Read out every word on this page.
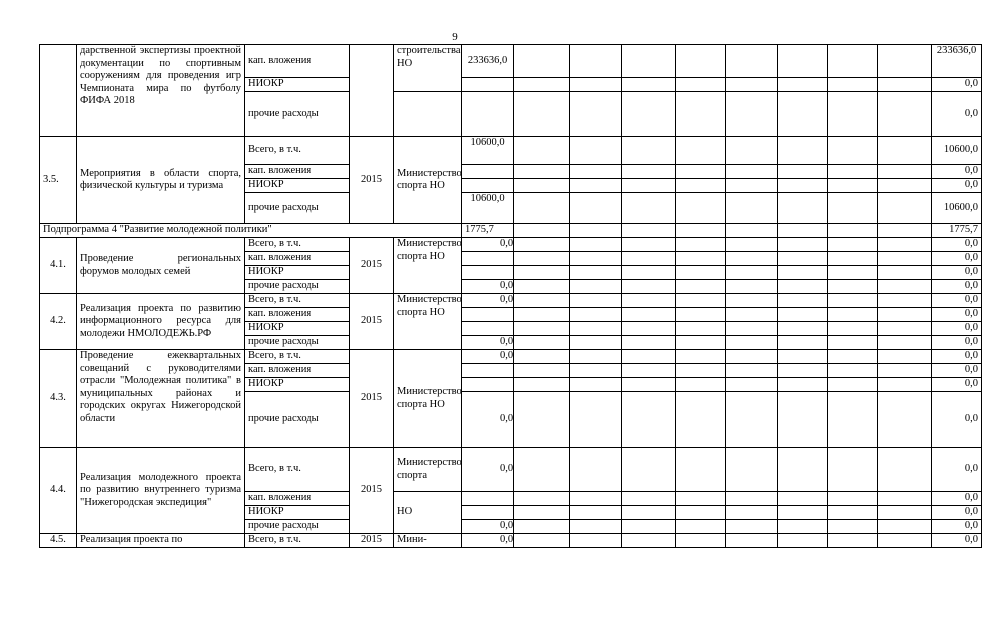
9
	дарственной экспертизы проектной документации по спортивным сооружениям для проведения игр Чемпионата мира по футболу ФИФА 2018	кап. вложения		строительства НО	233636,0									233636,0
		НИОКР												0,0
		прочие расходы												0,0
3.5.	Мероприятия в области спорта, физической культуры и туризма	Всего, в т.ч.	2015	Министерство спорта НО	10600,0									10600,0
		кап. вложения												0,0
		НИОКР												0,0
		прочие расходы			10600,0									10600,0
Подпрограмма 4 "Развитие молодежной политики"					1775,7									1775,7
4.1.	Проведение региональных форумов молодых семей	Всего, в т.ч.	2015	Министерство спорта НО	0,0									0,0
		кап. вложения												0,0
		НИОКР												0,0
		прочие расходы			0,0									0,0
4.2.	Реализация проекта по развитию информационного ресурса для молодежи НМОЛОДЕЖЬ.РФ	Всего, в т.ч.	2015	Министерство спорта НО	0,0									0,0
		кап. вложения												0,0
		НИОКР												0,0
		прочие расходы			0,0									0,0
4.3.	Проведение ежеквартальных совещаний с руководителями отрасли "Молодежная политика" в муниципальных районах и городских округах Нижегородской области	Всего, в т.ч.	2015	Министерство спорта НО	0,0									0,0
		кап. вложения												0,0
		НИОКР												0,0
		прочие расходы			0,0									0,0
4.4.	Реализация молодежного проекта по развитию внутреннего туризма "Нижегородская экспедиция"	Всего, в т.ч.	2015	Министерство спорта	0,0									0,0
		кап. вложения		НО										0,0
		НИОКР												0,0
		прочие расходы			0,0									0,0
4.5.	Реализация проекта по	Всего, в т.ч.	2015	Мини-	0,0									0,0
